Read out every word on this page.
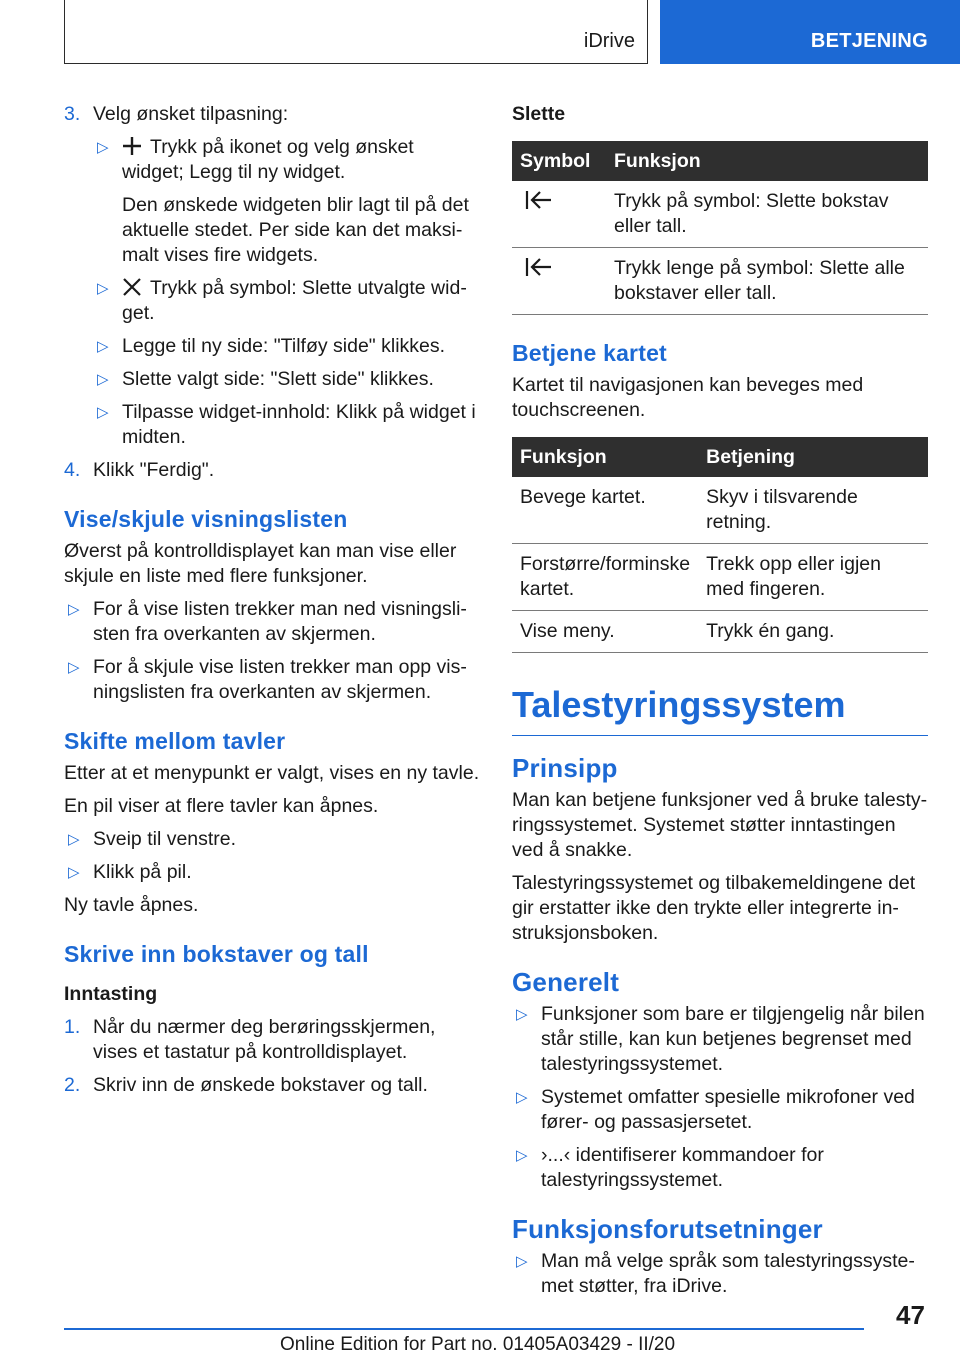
iDrive	BETJENING
3. Velg ønsket tilpasning:
▷ Trykk på ikonet og velg ønsket widget; Legg til ny widget.
Den ønskede widgeten blir lagt til på det aktuelle stedet. Per side kan det maksimalt vises fire widgets.
▷ Trykk på symbol: Slette utvalgte widget.
▷ Legge til ny side: "Tilføy side" klikkes.
▷ Slette valgt side: "Slett side" klikkes.
▷ Tilpasse widget-innhold: Klikk på widget i midten.
4. Klikk "Ferdig".
Vise/skjule visningslisten

Øverst på kontrolldisplayet kan man vise eller skjule en liste med flere funksjoner.

▷ For å vise listen trekker man ned visningslisten fra overkanten av skjermen.
▷ For å skjule vise listen trekker man opp visningslisten fra overkanten av skjermen.
Skifte mellom tavler

Etter at et menypunkt er valgt, vises en ny tavle.

En pil viser at flere tavler kan åpnes.

▷ Sveip til venstre.
▷ Klikk på pil.

Ny tavle åpnes.

Skrive inn bokstaver og tall
Inntasting
1. Når du nærmer deg berøringsskjermen, vises et tastatur på kontrolldisplayet.
2. Skriv inn de ønskede bokstaver og tall.
Slette
Symbol	Funksjon
	Trykk på symbol: Slette bokstav eller tall.
	Trykk lenge på symbol: Slette alle bokstaver eller tall.
Betjene kartet

Kartet til navigasjonen kan beveges med touchscreenen.

Funksjon	Betjening
Bevege kartet.	Skyv i tilsvarende retning.
Forstørre/forminske kartet.	Trekk opp eller igjen med fingeren.
Vise meny.	Trykk én gang.
Talestyringssystem
Prinsipp

Man kan betjene funksjoner ved å bruke talestyringssystemet. Systemet støtter inntastingen ved å snakke.

Talestyringssystemet og tilbakemeldingene det gir erstatter ikke den trykte eller integrerte instruksjonsboken.

Generelt
▷ Funksjoner som bare er tilgjengelig når bilen står stille, kan kun betjenes begrenset med talestyringssystemet.
▷ Systemet omfatter spesielle mikrofoner ved fører- og passasjersetet.
▷ ›...‹ identifiserer kommandoer for talestyringssystemet.
Funksjonsforutsetninger
▷ Man må velge språk som talestyringssystemet støtter, fra iDrive.
47
Online Edition for Part no. 01405A03429 - II/20
